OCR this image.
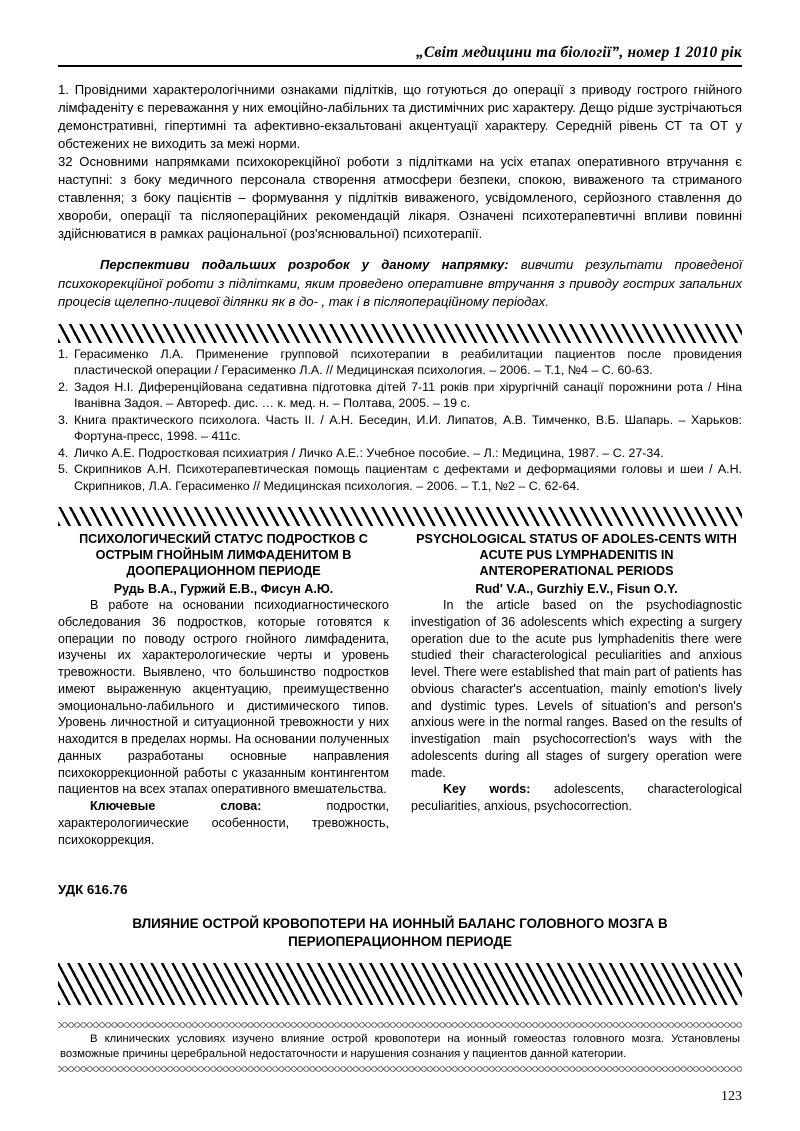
„Світ медицини та біології”, номер 1 2010 рік

1. Провідними характерологічними ознаками підлітків, що готуються до операції з приводу гострого гнійного лімфаденіту є переважання у них емоційно-лабільних та дистимічних рис характеру. Дещо рідше зустрічаються демонстративні, гіпертимні та афективно-екзальтовані акцентуації характеру. Середній рівень СТ та ОТ у обстежених не виходить за межі норми.

32 Основними напрямками психокорекційної роботи з підлітками на усіх етапах оперативного втручання є наступні: з боку медичного персонала створення атмосфери безпеки, спокою, виваженого та стриманого ставлення; з боку пацієнтів – формування у підлітків виваженого, усвідомленого, серйозного ставлення до хвороби, операції та післяопераційних рекомендацій лікаря. Означені психотерапевтичні впливи повинні здійснюватися в рамках раціональної (роз'яснювальної) психотерапії.

Перспективи подальших розробок у даному напрямку: вивчити результати проведеної психокорекційної роботи з підлітками, яким проведено оперативне втручання з приводу гострих запальних процесів щелепно-лицевої ділянки як в до- , так і в післяопераційному періодах.

1. Герасименко Л.А. Применение групповой психотерапии в реабилитации пациентов после провидения пластической операции / Герасименко Л.А. // Медицинская психология. – 2006. – Т.1, №4 – С. 60-63.
2. Задоя Н.І. Диференційована седативна підготовка дітей 7-11 років при хірургічній санації порожнини рота / Ніна Іванівна Задоя. – Автореф. дис. … к. мед. н. – Полтава, 2005. – 19 с.
3. Книга практического психолога. Часть ІІ. / А.Н. Беседин, И.И. Липатов, А.В. Тимченко, В.Б. Шапарь. – Харьков: Фортуна-пресс, 1998. – 411с.
4. Личко А.Е. Подростковая психиатрия / Личко А.Е.: Учебное пособие. – Л.: Медицина, 1987. – С. 27-34.
5. Скрипников А.Н. Психотерапевтическая помощь пациентам с дефектами и деформациями головы и шеи / А.Н. Скрипников, Л.А. Герасименко // Медицинская психология. – 2006. – Т.1, №2 – С. 62-64.

ПСИХОЛОГИЧЕСКИЙ СТАТУС ПОДРОСТКОВ С ОСТРЫМ ГНОЙНЫМ ЛИМФАДЕНИТОМ В ДООПЕРАЦИОННОМ ПЕРИОДЕ

Рудь В.А., Гуржий Е.В., Фисун А.Ю.

В работе на основании психодиагностического обследования 36 подростков, которые готовятся к операции по поводу острого гнойного лимфаденита, изучены их характерологические черты и уровень тревожности. Выявлено, что большинство подростков имеют выраженную акцентуацию, преимущественно эмоционально-лабильного и дистимического типов. Уровень личностной и ситуационной тревожности у них находится в пределах нормы. На основании полученных данных разработаны основные направления психокоррекционной работы с указанным контингентом пациентов на всех этапах оперативного вмешательства.

Ключевые слова: подростки, характерологиические особенности, тревожность, психокоррекция.

PSYCHOLOGICAL STATUS OF ADOLES-CENTS WITH ACUTE PUS LYMPHADENITIS IN ANTEROPERATIONAL PERIODS

Rud' V.A., Gurzhiy E.V., Fisun O.Y.

In the article based on the psychodiagnostic investigation of 36 adolescents which expecting a surgery operation due to the acute pus lymphadenitis there were studied their characterological peculiarities and anxious level. There were established that main part of patients has obvious character's accentuation, mainly emotion's lively and dystimic types. Levels of situation's and person's anxious were in the normal ranges. Based on the results of investigation main psychocorrection's ways with the adolescents during all stages of surgery operation were made.

Key words: adolescents, characterological peculiarities, anxious, psychocorrection.

УДК 616.76
ВЛИЯНИЕ ОСТРОЙ КРОВОПОТЕРИ НА ИОННЫЙ БАЛАНС ГОЛОВНОГО МОЗГА В ПЕРИОПЕРАЦИОННОМ ПЕРИОДЕ

В клинических условиях изучено влияние острой кровопотери на ионный гомеостаз головного мозга. Установлены возможные причины церебральной недостаточности и нарушения сознания у пациентов данной категории.

123
